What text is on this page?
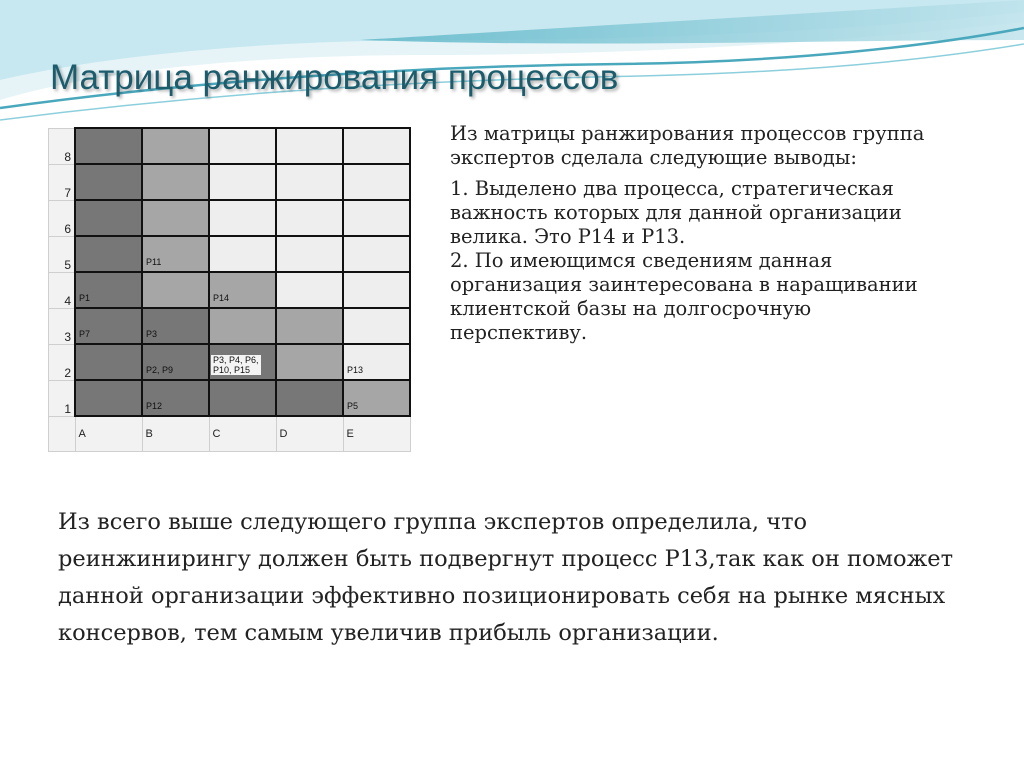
Матрица ранжирования процессов
8					
7					
6					
5		P11			

4	P1		P14		

3	P7	P3			

2		P2, P9	P3, P4, P6,
P10, P15		P13

1		P12			P5

	A	B	C	D	E

Из матрицы ранжирования процессов группа экспертов сделала следующие выводы:

1. Выделено два процесса, стратегическая важность которых для данной организации велика. Это Р14 и Р13.

2. По имеющимся сведениям данная организация заинтересована в наращивании клиентской базы на долгосрочную перспективу.

Из всего выше следующего группа экспертов определила, что реинжинирингу должен быть подвергнут процесс Р13,так как он поможет данной организации эффективно позиционировать себя на рынке мясных консервов, тем самым увеличив прибыль организации.
